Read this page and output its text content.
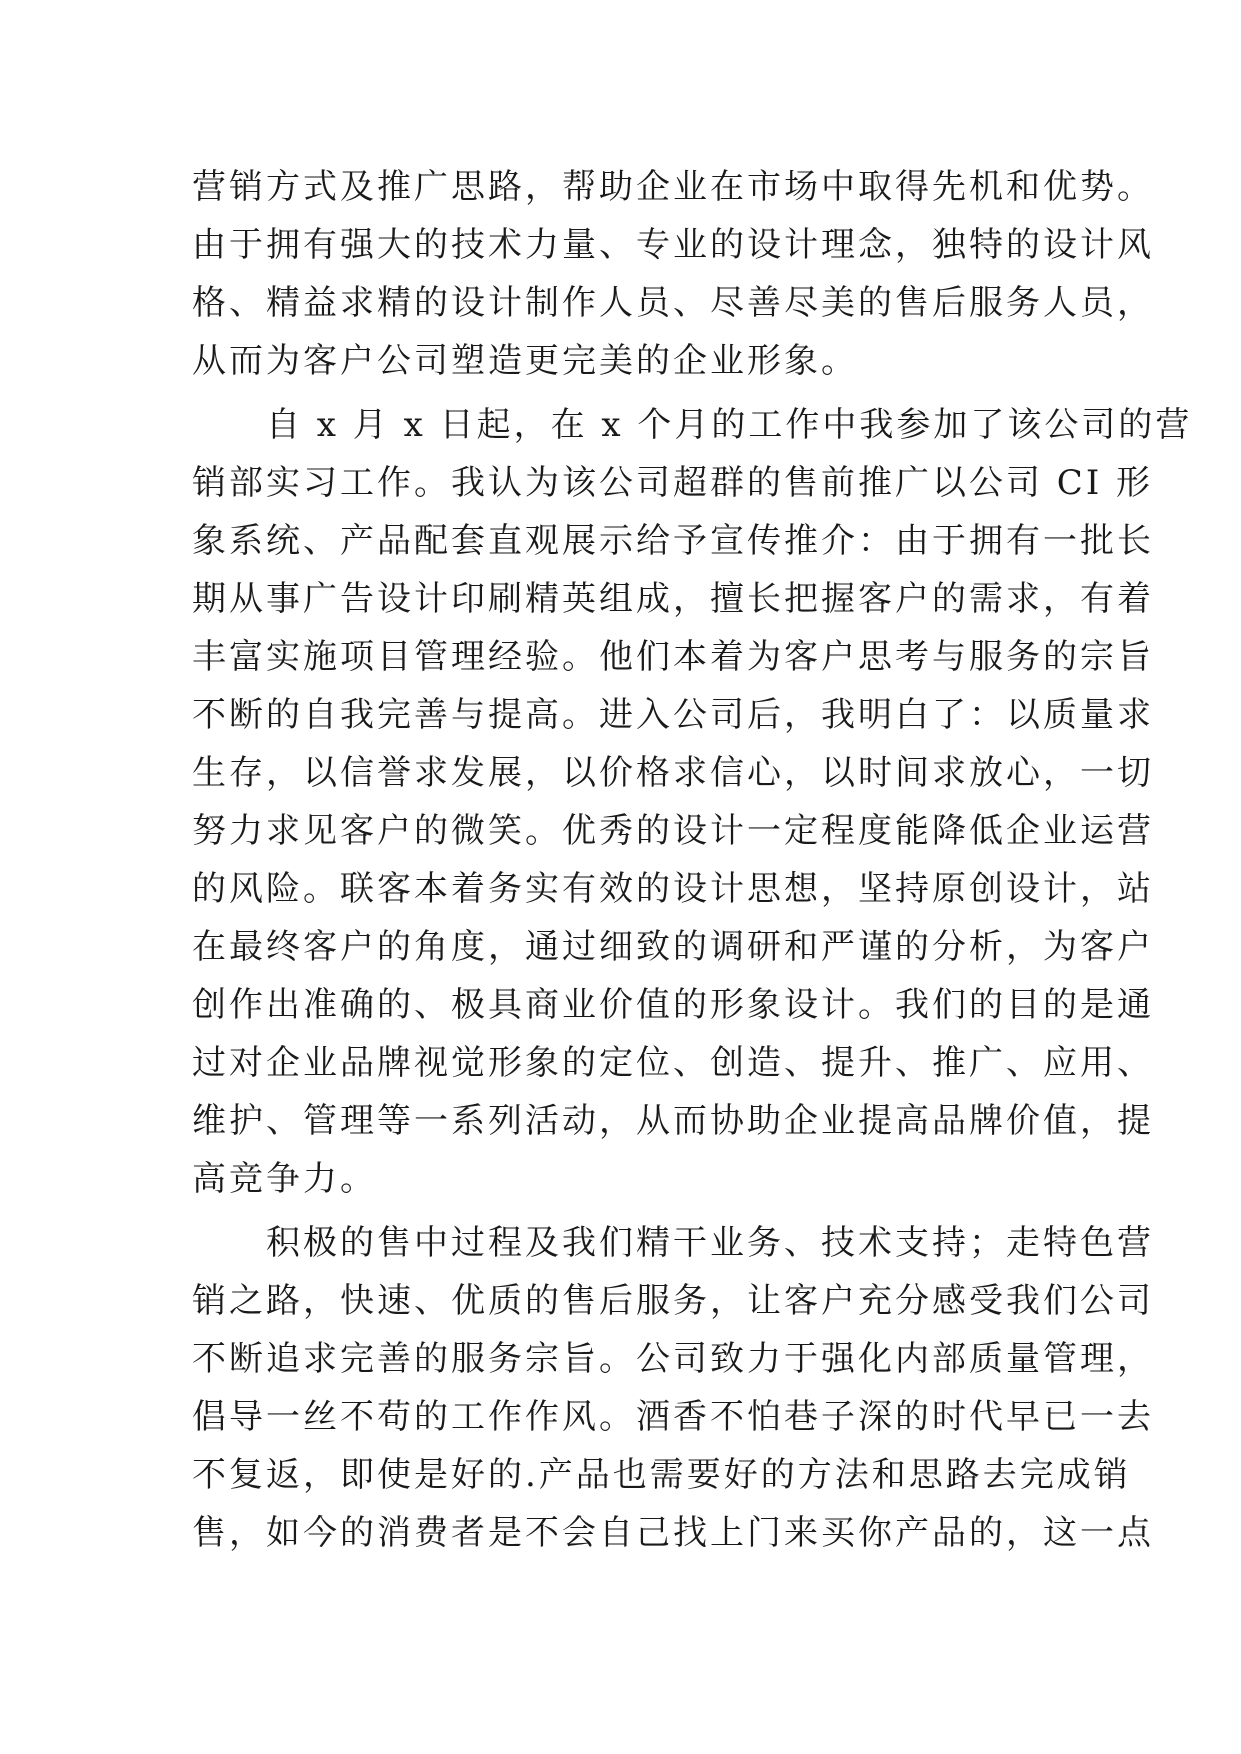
营销方式及推广思路，帮助企业在市场中取得先机和优势。
由于拥有强大的技术力量、专业的设计理念，独特的设计风
格、精益求精的设计制作人员、尽善尽美的售后服务人员，
从而为客户公司塑造更完美的企业形象。
　　自 x 月 x 日起，在 x 个月的工作中我参加了该公司的营
销部实习工作。我认为该公司超群的售前推广以公司 CI 形
象系统、产品配套直观展示给予宣传推介：由于拥有一批长
期从事广告设计印刷精英组成，擅长把握客户的需求，有着
丰富实施项目管理经验。他们本着为客户思考与服务的宗旨
不断的自我完善与提高。进入公司后，我明白了：以质量求
生存，以信誉求发展，以价格求信心，以时间求放心，一切
努力求见客户的微笑。优秀的设计一定程度能降低企业运营
的风险。联客本着务实有效的设计思想，坚持原创设计，站
在最终客户的角度，通过细致的调研和严谨的分析，为客户
创作出准确的、极具商业价值的形象设计。我们的目的是通
过对企业品牌视觉形象的定位、创造、提升、推广、应用、
维护、管理等一系列活动，从而协助企业提高品牌价值，提
高竞争力。
　　积极的售中过程及我们精干业务、技术支持；走特色营
销之路，快速、优质的售后服务，让客户充分感受我们公司
不断追求完善的服务宗旨。公司致力于强化内部质量管理，
倡导一丝不苟的工作作风。酒香不怕巷子深的时代早已一去
不复返，即使是好的.产品也需要好的方法和思路去完成销
售，如今的消费者是不会自己找上门来买你产品的，这一点
